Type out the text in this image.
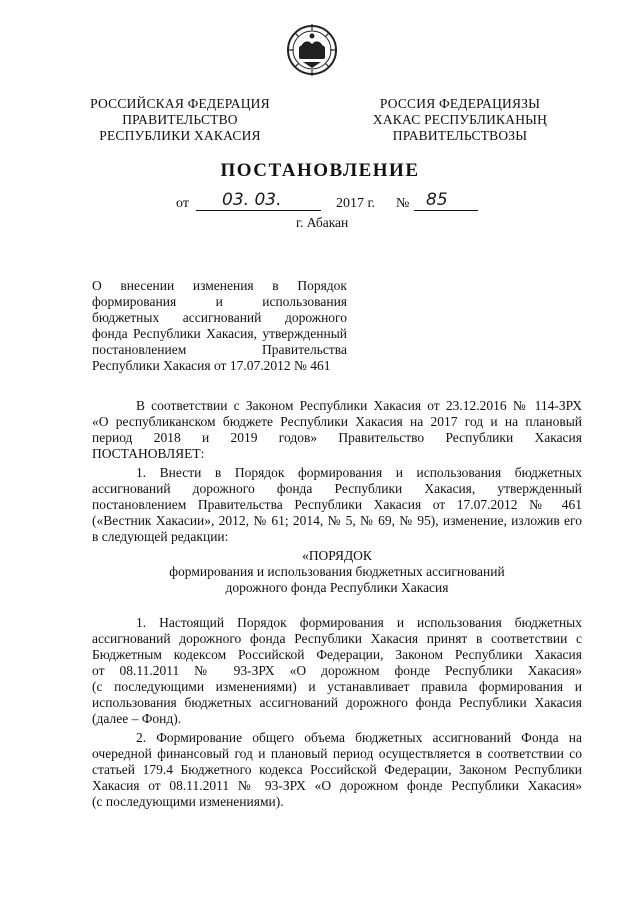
РОССИЙСКАЯ ФЕДЕРАЦИЯ
ПРАВИТЕЛЬСТВО
РЕСПУБЛИКИ ХАКАСИЯ
РОССИЯ ФЕДЕРАЦИЯЗЫ
ХАКАС РЕСПУБЛИКАНЫҢ
ПРАВИТЕЛЬСТВОЗЫ
ПОСТАНОВЛЕНИЕ
от 03. 03.	2017 г. № 85
г. Абакан
О внесении изменения в Порядок
формирования и использования
бюджетных ассигнований дорожного
фонда Республики Хакасия, утвержденный
постановлением Правительства
Республики Хакасия от 17.07.2012 № 461
В соответствии с Законом Республики Хакасия от 23.12.2016 № 114-ЗРХ
«О республиканском бюджете Республики Хакасия на 2017 год и на плановый
период 2018 и 2019 годов» Правительство Республики Хакасия
ПОСТАНОВЛЯЕТ:
1. Внести в Порядок формирования и использования бюджетных
ассигнований дорожного фонда Республики Хакасия, утвержденный
постановлением Правительства Республики Хакасия от 17.07.2012 № 461
(«Вестник Хакасии», 2012, № 61; 2014, № 5, № 69, № 95), изменение, изложив его
в следующей редакции:
«ПОРЯДОК
формирования и использования бюджетных ассигнований
дорожного фонда Республики Хакасия
1. Настоящий Порядок формирования и использования бюджетных
ассигнований дорожного фонда Республики Хакасия принят в соответствии с
Бюджетным кодексом Российской Федерации, Законом Республики Хакасия
от 08.11.2011 № 93-ЗРХ «О дорожном фонде Республики Хакасия»
(с последующими изменениями) и устанавливает правила формирования и
использования бюджетных ассигнований дорожного фонда Республики Хакасия
(далее – Фонд).
2. Формирование общего объема бюджетных ассигнований Фонда на
очередной финансовый год и плановый период осуществляется в соответствии со
статьей 179.4 Бюджетного кодекса Российской Федерации, Законом Республики
Хакасия от 08.11.2011 № 93-ЗРХ «О дорожном фонде Республики Хакасия»
(с последующими изменениями).
